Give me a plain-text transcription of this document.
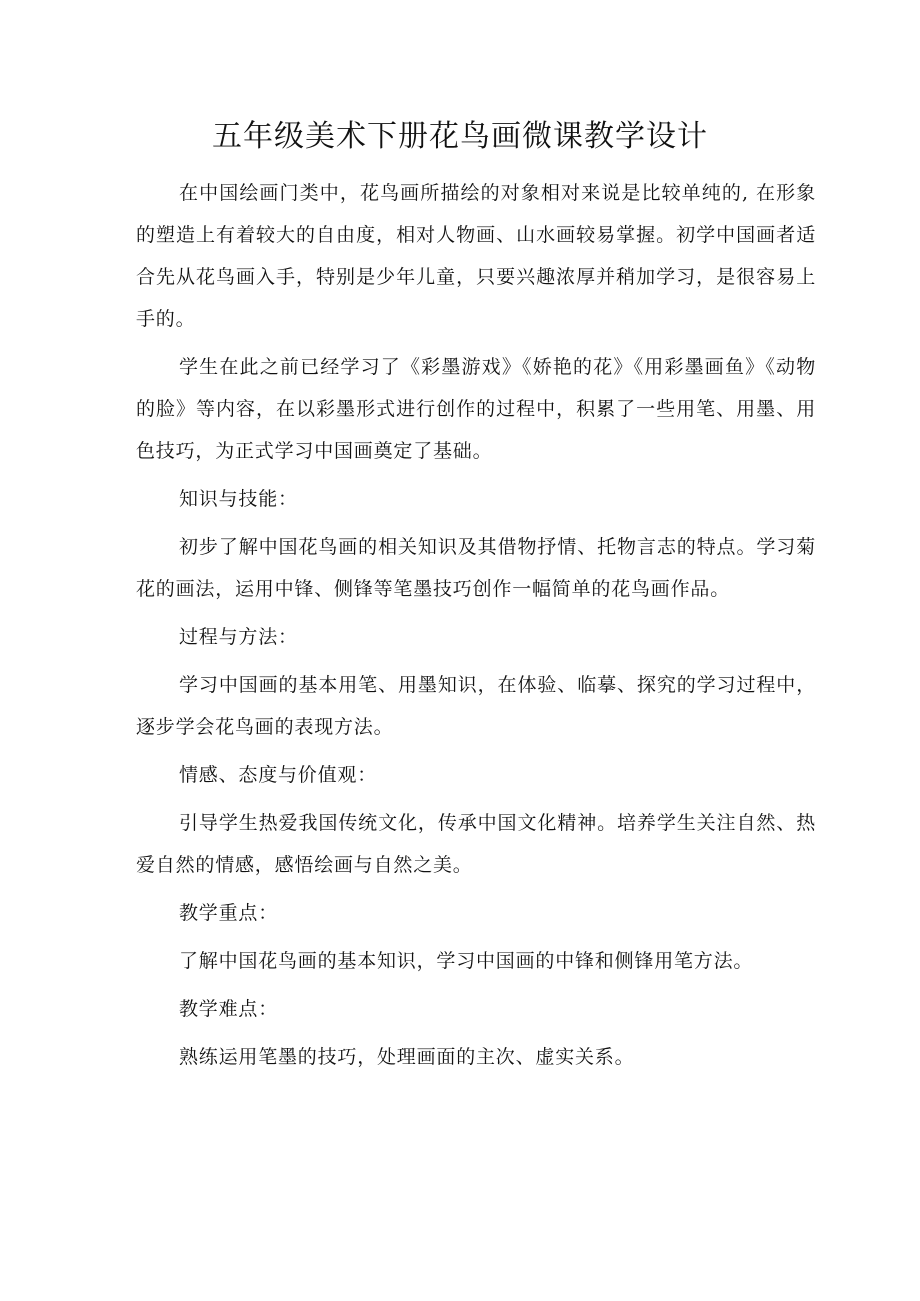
五年级美术下册花鸟画微课教学设计

在中国绘画门类中，花鸟画所描绘的对象相对来说是比较单纯的, 在形象的塑造上有着较大的自由度，相对人物画、山水画较易掌握。初学中国画者适合先从花鸟画入手，特别是少年儿童，只要兴趣浓厚并稍加学习，是很容易上手的。

学生在此之前已经学习了《彩墨游戏》《娇艳的花》《用彩墨画鱼》《动物的脸》等内容，在以彩墨形式进行创作的过程中，积累了一些用笔、用墨、用色技巧，为正式学习中国画奠定了基础。

知识与技能：

初步了解中国花鸟画的相关知识及其借物抒情、托物言志的特点。学习菊花的画法，运用中锋、侧锋等笔墨技巧创作一幅简单的花鸟画作品。

过程与方法：

学习中国画的基本用笔、用墨知识，在体验、临摹、探究的学习过程中，逐步学会花鸟画的表现方法。

情感、态度与价值观：

引导学生热爱我国传统文化，传承中国文化精神。培养学生关注自然、热爱自然的情感，感悟绘画与自然之美。

教学重点：

了解中国花鸟画的基本知识，学习中国画的中锋和侧锋用笔方法。

教学难点：

熟练运用笔墨的技巧，处理画面的主次、虚实关系。
